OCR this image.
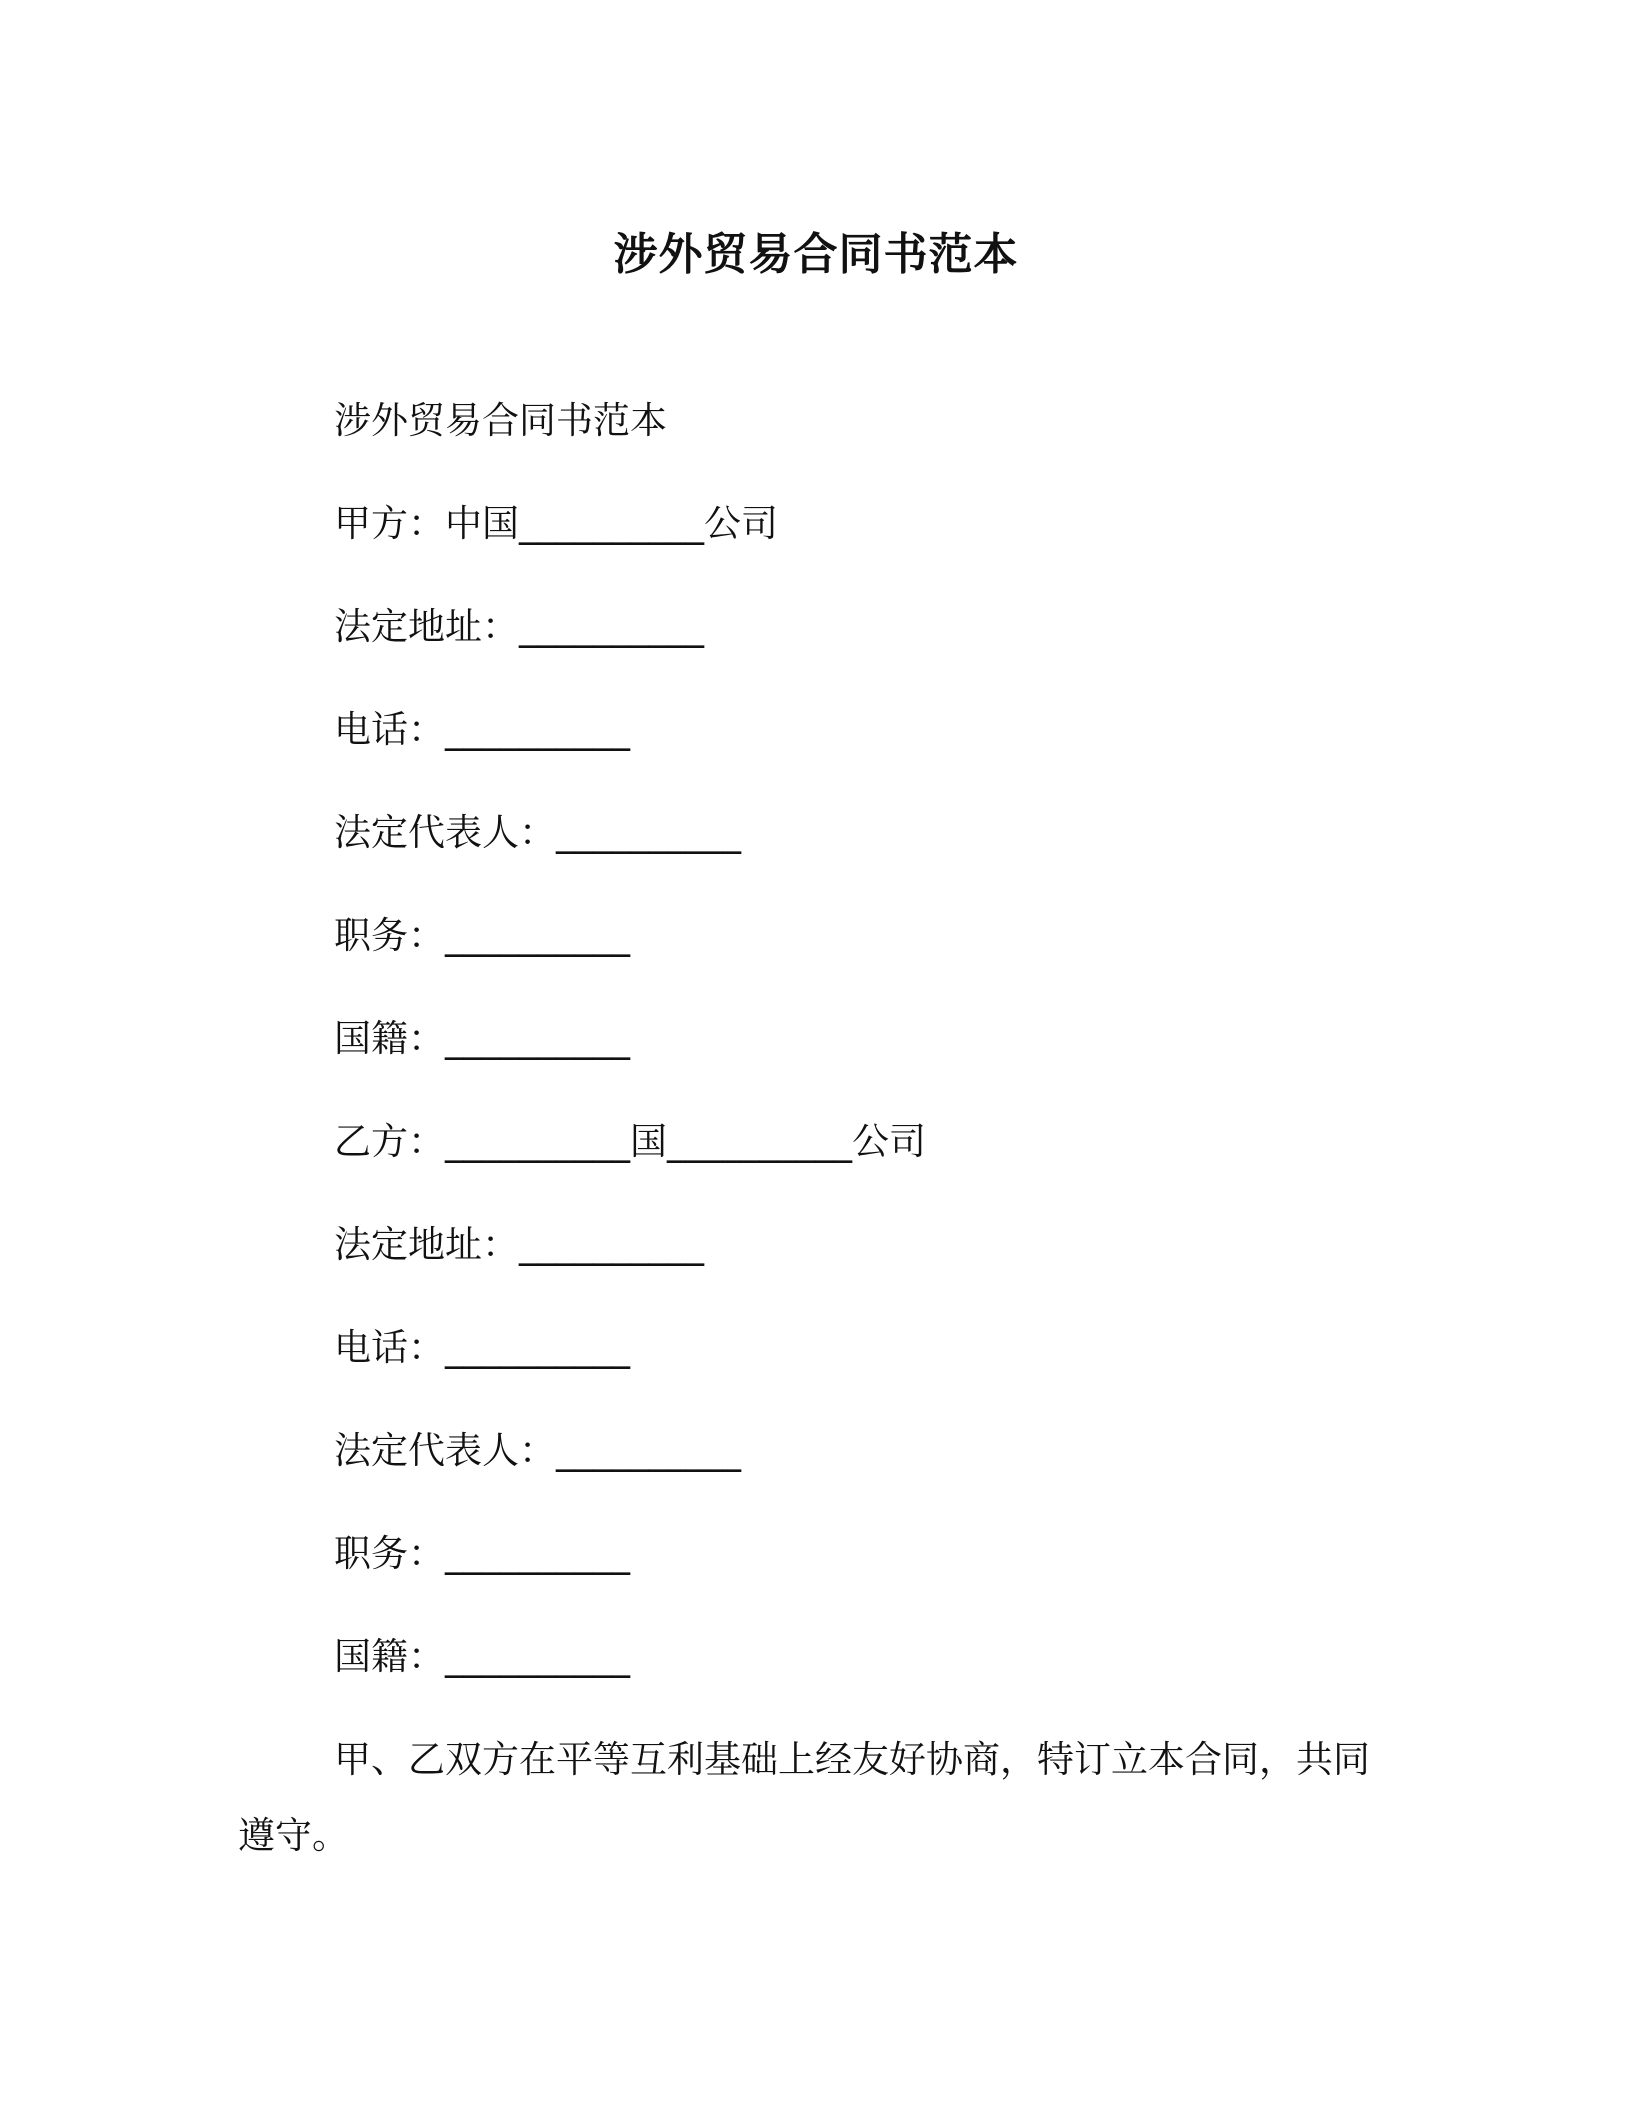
涉外贸易合同书范本

涉外贸易合同书范本

甲方：中国__________公司

法定地址：__________

电话：__________

法定代表人：__________

职务：__________

国籍：__________

乙方：__________国__________公司

法定地址：__________

电话：__________

法定代表人：__________

职务：__________

国籍：__________

甲、乙双方在平等互利基础上经友好协商，特订立本合同，共同遵守。
